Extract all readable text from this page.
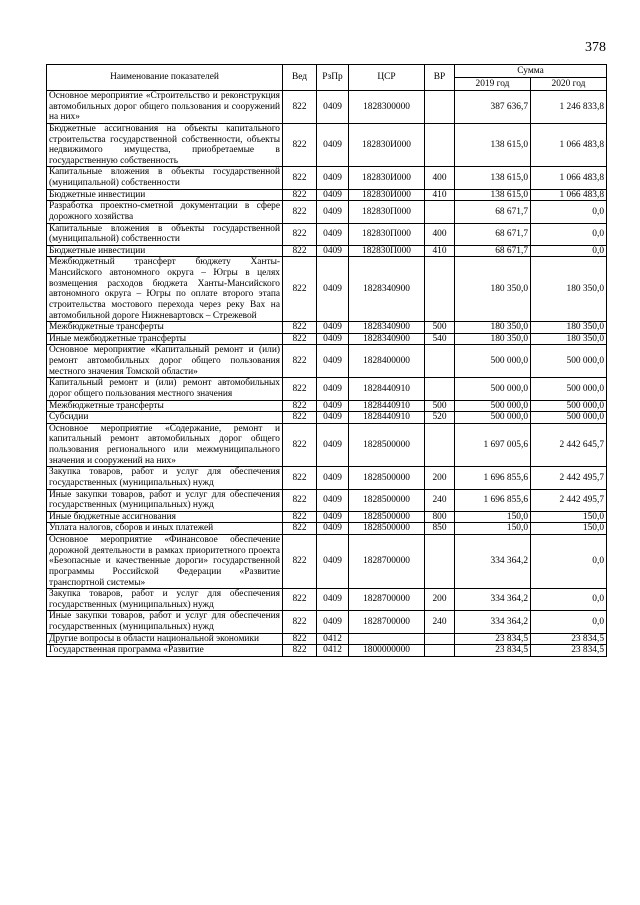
378
Наименование показателей	Вед	РзПр	ЦСР	ВР	Сумма	
					2019 год	2020 год
Основное мероприятие «Строительство и реконструкция автомобильных дорог общего пользования и сооружений на них»	822	0409	1828300000		387 636,7	1 246 833,8
Бюджетные ассигнования на объекты капитального строительства государственной собственности, объекты недвижимого имущества, приобретаемые в государственную собственность	822	0409	182830И000		138 615,0	1 066 483,8
Капитальные вложения в объекты государственной (муниципальной) собственности	822	0409	182830И000	400	138 615,0	1 066 483,8
Бюджетные инвестиции	822	0409	182830И000	410	138 615,0	1 066 483,8
Разработка проектно-сметной документации в сфере дорожного хозяйства	822	0409	182830П000		68 671,7	0,0
Капитальные вложения в объекты государственной (муниципальной) собственности	822	0409	182830П000	400	68 671,7	0,0
Бюджетные инвестиции	822	0409	182830П000	410	68 671,7	0,0
Межбюджетный трансферт бюджету Ханты-Мансийского автономного округа – Югры в целях возмещения расходов бюджета Ханты-Мансийского автономного округа – Югры по оплате второго этапа строительства мостового перехода через реку Вах на автомобильной дороге Нижневартовск – Стрежевой	822	0409	1828340900		180 350,0	180 350,0
Межбюджетные трансферты	822	0409	1828340900	500	180 350,0	180 350,0
Иные межбюджетные трансферты	822	0409	1828340900	540	180 350,0	180 350,0
Основное мероприятие «Капитальный ремонт и (или) ремонт автомобильных дорог общего пользования местного значения Томской области»	822	0409	1828400000		500 000,0	500 000,0
Капитальный ремонт и (или) ремонт автомобильных дорог общего пользования местного значения	822	0409	1828440910		500 000,0	500 000,0
Межбюджетные трансферты	822	0409	1828440910	500	500 000,0	500 000,0
Субсидии	822	0409	1828440910	520	500 000,0	500 000,0
Основное мероприятие «Содержание, ремонт и капитальный ремонт автомобильных дорог общего пользования регионального или межмуниципального значения и сооружений на них»	822	0409	1828500000		1 697 005,6	2 442 645,7
Закупка товаров, работ и услуг для обеспечения государственных (муниципальных) нужд	822	0409	1828500000	200	1 696 855,6	2 442 495,7
Иные закупки товаров, работ и услуг для обеспечения государственных (муниципальных) нужд	822	0409	1828500000	240	1 696 855,6	2 442 495,7
Иные бюджетные ассигнования	822	0409	1828500000	800	150,0	150,0
Уплата налогов, сборов и иных платежей	822	0409	1828500000	850	150,0	150,0
Основное мероприятие «Финансовое обеспечение дорожной деятельности в рамках приоритетного проекта «Безопасные и качественные дороги» государственной программы Российской Федерации «Развитие транспортной системы»	822	0409	1828700000		334 364,2	0,0
Закупка товаров, работ и услуг для обеспечения государственных (муниципальных) нужд	822	0409	1828700000	200	334 364,2	0,0
Иные закупки товаров, работ и услуг для обеспечения государственных (муниципальных) нужд	822	0409	1828700000	240	334 364,2	0,0
Другие вопросы в области национальной экономики	822	0412			23 834,5	23 834,5
Государственная программа «Развитие	822	0412	1800000000		23 834,5	23 834,5
